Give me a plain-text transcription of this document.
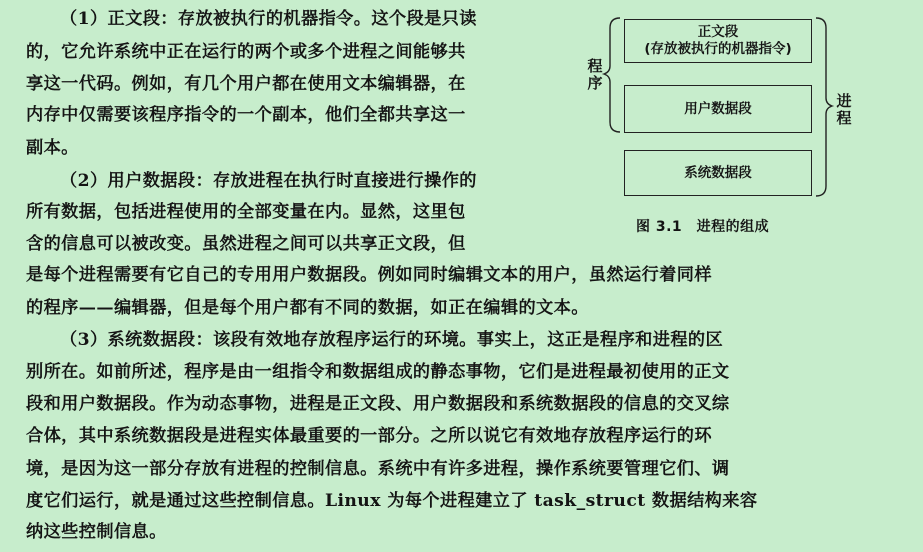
（1）正文段：存放被执行的机器指令。这个段是只读
的，它允许系统中正在运行的两个或多个进程之间能够共
享这一代码。例如，有几个用户都在使用文本编辑器，在
内存中仅需要该程序指令的一个副本，他们全都共享这一
副本。
（2）用户数据段：存放进程在执行时直接进行操作的
所有数据，包括进程使用的全部变量在内。显然，这里包
含的信息可以被改变。虽然进程之间可以共享正文段，但
是每个进程需要有它自己的专用用户数据段。例如同时编辑文本的用户，虽然运行着同样
的程序——编辑器，但是每个用户都有不同的数据，如正在编辑的文本。
（3）系统数据段：该段有效地存放程序运行的环境。事实上，这正是程序和进程的区
别所在。如前所述，程序是由一组指令和数据组成的静态事物，它们是进程最初使用的正文
段和用户数据段。作为动态事物，进程是正文段、用户数据段和系统数据段的信息的交叉综
合体，其中系统数据段是进程实体最重要的一部分。之所以说它有效地存放程序运行的环
境，是因为这一部分存放有进程的控制信息。系统中有许多进程，操作系统要管理它们、调
度它们运行，就是通过这些控制信息。Linux 为每个进程建立了 task_struct 数据结构来容
纳这些控制信息。
正文段
(存放被执行的机器指令)
用户数据段
系统数据段
程
序
进
程
图 3.1　进程的组成
